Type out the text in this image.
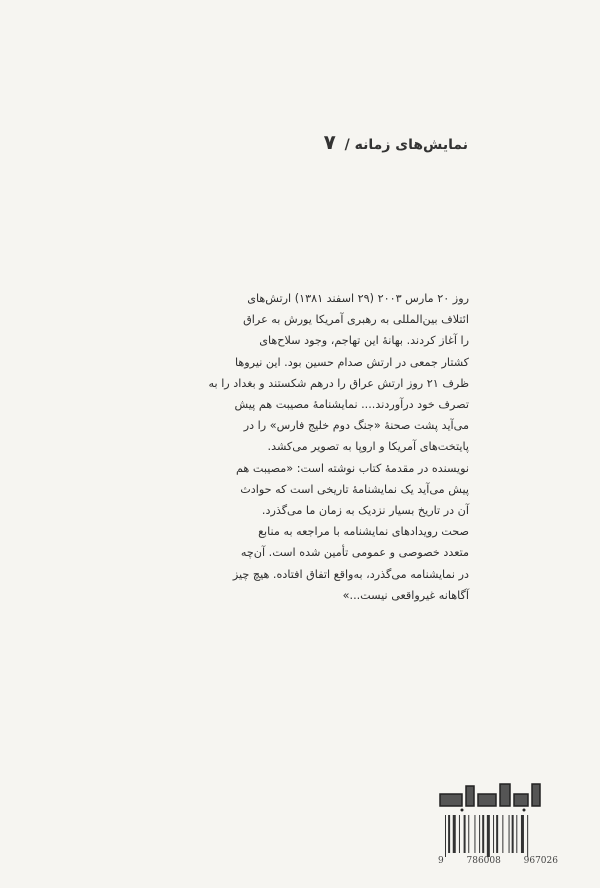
نمایش‌های زمانه / ۷
روز ۲۰ مارس ۲۰۰۳ (۲۹ اسفند ۱۳۸۱) ارتش‌های
ائتلاف بین‌المللی به رهبری آمریکا یورش به عراق
را آغاز کردند. بهانهٔ این تهاجم، وجود سلاح‌های
کشتار جمعی در ارتش صدام حسین بود. این نیروها
ظرف ۲۱ روز ارتش عراق را درهم شکستند و بغداد را به
تصرف خود درآوردند.... نمایشنامهٔ مصیبت هم پیش
می‌آید پشت صحنهٔ «جنگ دوم خلیج فارس» را در
پایتخت‌های آمریکا و اروپا به تصویر می‌کشد.
نویسنده در مقدمهٔ کتاب نوشته است: «مصیبت هم
پیش می‌آید یک نمایشنامهٔ تاریخی است که حوادث
آن در تاریخ بسیار نزدیک به زمان ما می‌گذرد.
صحت رویدادهای نمایشنامه با مراجعه به منابع
متعدد خصوصی و عمومی تأمین شده است. آن‌چه
در نمایشنامه می‌گذرد، به‌واقع اتفاق افتاده. هیچ چیز
آگاهانه غیرواقعی نیست...»
9	786008	967026
